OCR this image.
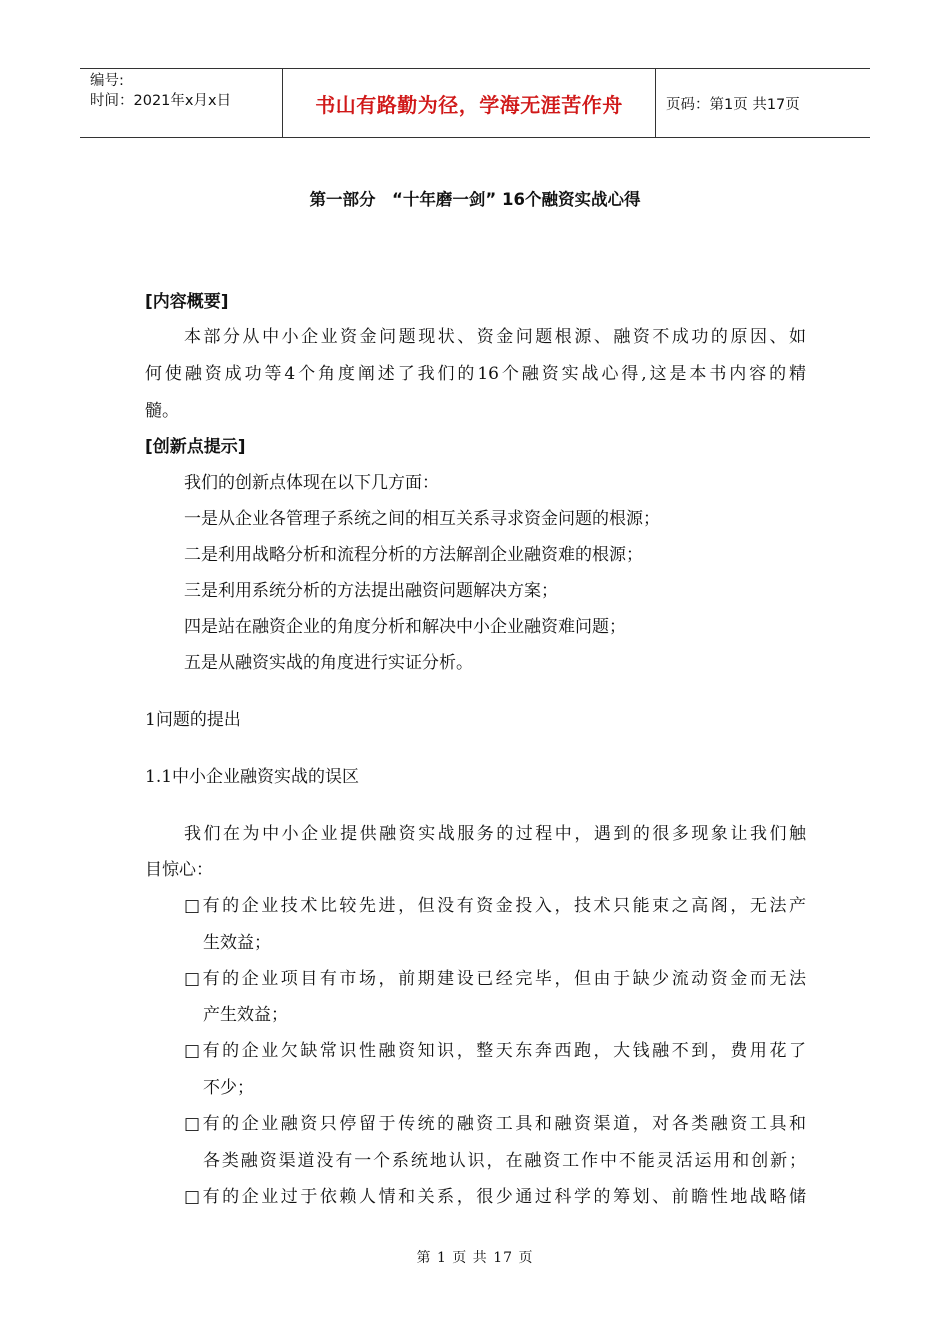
编号:
时间：2021年x月x日	书山有路勤为径，学海无涯苦作舟	页码：第1页 共17页
第一部分　“十年磨一剑” 16个融资实战心得
[内容概要]
本部分从中小企业资金问题现状、资金问题根源、融资不成功的原因、如
何使融资成功等4个角度阐述了我们的16个融资实战心得,这是本书内容的精
髓。
[创新点提示]
我们的创新点体现在以下几方面：
一是从企业各管理子系统之间的相互关系寻求资金问题的根源；
二是利用战略分析和流程分析的方法解剖企业融资难的根源；
三是利用系统分析的方法提出融资问题解决方案；
四是站在融资企业的角度分析和解决中小企业融资难问题；
五是从融资实战的角度进行实证分析。
1问题的提出
1.1中小企业融资实战的误区
我们在为中小企业提供融资实战服务的过程中，遇到的很多现象让我们触
目惊心：
□有的企业技术比较先进，但没有资金投入，技术只能束之高阁，无法产
生效益；
□有的企业项目有市场，前期建设已经完毕，但由于缺少流动资金而无法
产生效益；
□有的企业欠缺常识性融资知识，整天东奔西跑，大钱融不到，费用花了
不少；
□有的企业融资只停留于传统的融资工具和融资渠道，对各类融资工具和
各类融资渠道没有一个系统地认识，在融资工作中不能灵活运用和创新；
□有的企业过于依赖人情和关系，很少通过科学的筹划、前瞻性地战略储
第 1 页 共 17 页
